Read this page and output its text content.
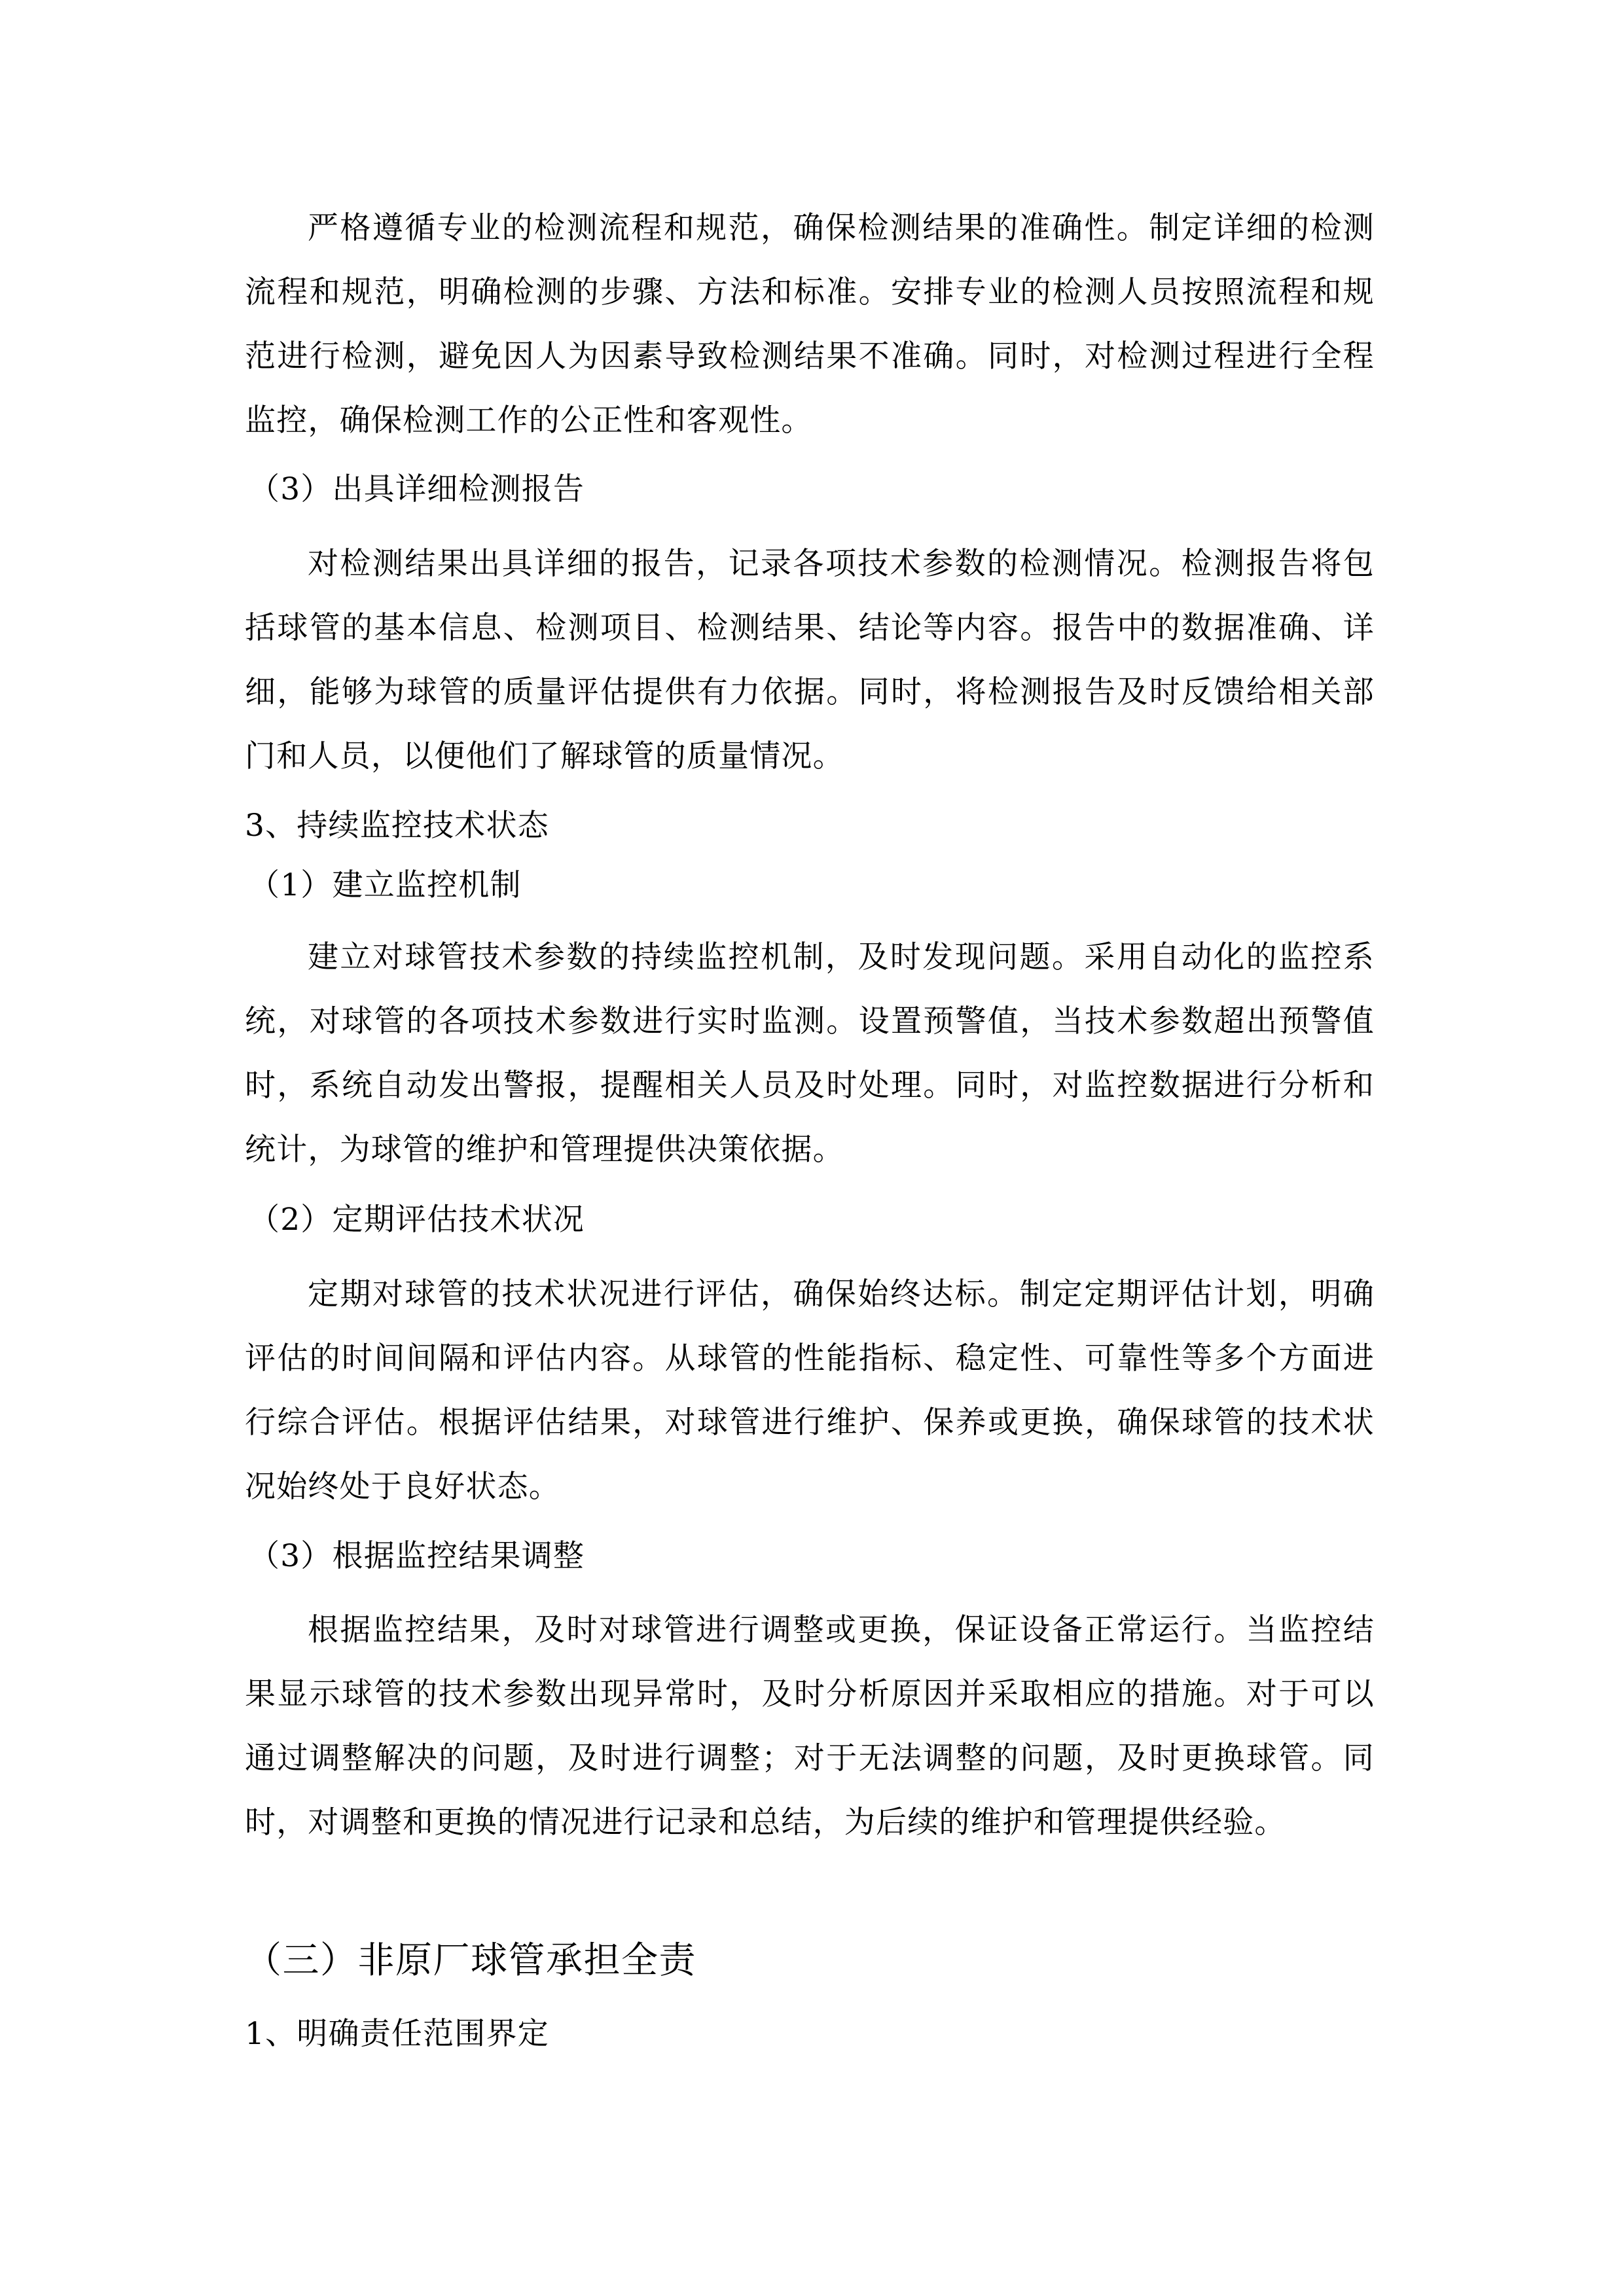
严格遵循专业的检测流程和规范，确保检测结果的准确性。制定详细的检测流程和规范，明确检测的步骤、方法和标准。安排专业的检测人员按照流程和规范进行检测，避免因人为因素导致检测结果不准确。同时，对检测过程进行全程监控，确保检测工作的公正性和客观性。

（3）出具详细检测报告

对检测结果出具详细的报告，记录各项技术参数的检测情况。检测报告将包括球管的基本信息、检测项目、检测结果、结论等内容。报告中的数据准确、详细，能够为球管的质量评估提供有力依据。同时，将检测报告及时反馈给相关部门和人员，以便他们了解球管的质量情况。

3、持续监控技术状态
（1）建立监控机制

建立对球管技术参数的持续监控机制，及时发现问题。采用自动化的监控系统，对球管的各项技术参数进行实时监测。设置预警值，当技术参数超出预警值时，系统自动发出警报，提醒相关人员及时处理。同时，对监控数据进行分析和统计，为球管的维护和管理提供决策依据。

（2）定期评估技术状况

定期对球管的技术状况进行评估，确保始终达标。制定定期评估计划，明确评估的时间间隔和评估内容。从球管的性能指标、稳定性、可靠性等多个方面进行综合评估。根据评估结果，对球管进行维护、保养或更换，确保球管的技术状况始终处于良好状态。

（3）根据监控结果调整

根据监控结果，及时对球管进行调整或更换，保证设备正常运行。当监控结果显示球管的技术参数出现异常时，及时分析原因并采取相应的措施。对于可以通过调整解决的问题，及时进行调整；对于无法调整的问题，及时更换球管。同时，对调整和更换的情况进行记录和总结，为后续的维护和管理提供经验。

（三）非原厂球管承担全责
1、明确责任范围界定
